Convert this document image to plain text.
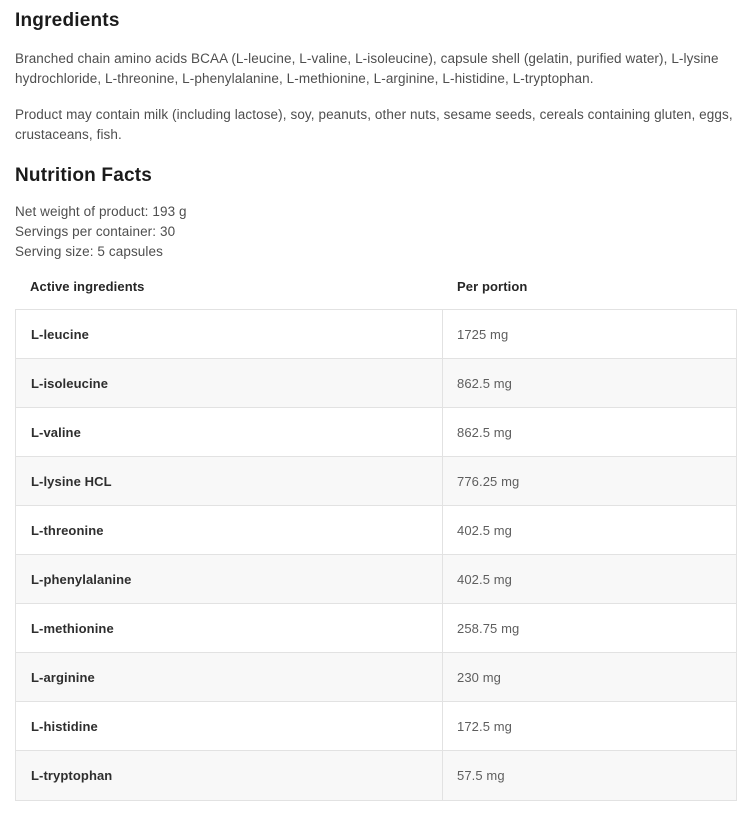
Ingredients

Branched chain amino acids BCAA (L-leucine, L-valine, L-isoleucine), capsule shell (gelatin, purified water), L-lysine hydrochloride, L-threonine, L-phenylalanine, L-methionine, L-arginine, L-histidine, L-tryptophan.

Product may contain milk (including lactose), soy, peanuts, other nuts, sesame seeds, cereals containing gluten, eggs, crustaceans, fish.

Nutrition Facts

Net weight of product: 193 g

Servings per container: 30

Serving size: 5 capsules

Active ingredients	Per portion
L-leucine	1725 mg
L-isoleucine	862.5 mg
L-valine	862.5 mg
L-lysine HCL	776.25 mg
L-threonine	402.5 mg
L-phenylalanine	402.5 mg
L-methionine	258.75 mg
L-arginine	230 mg
L-histidine	172.5 mg
L-tryptophan	57.5 mg
